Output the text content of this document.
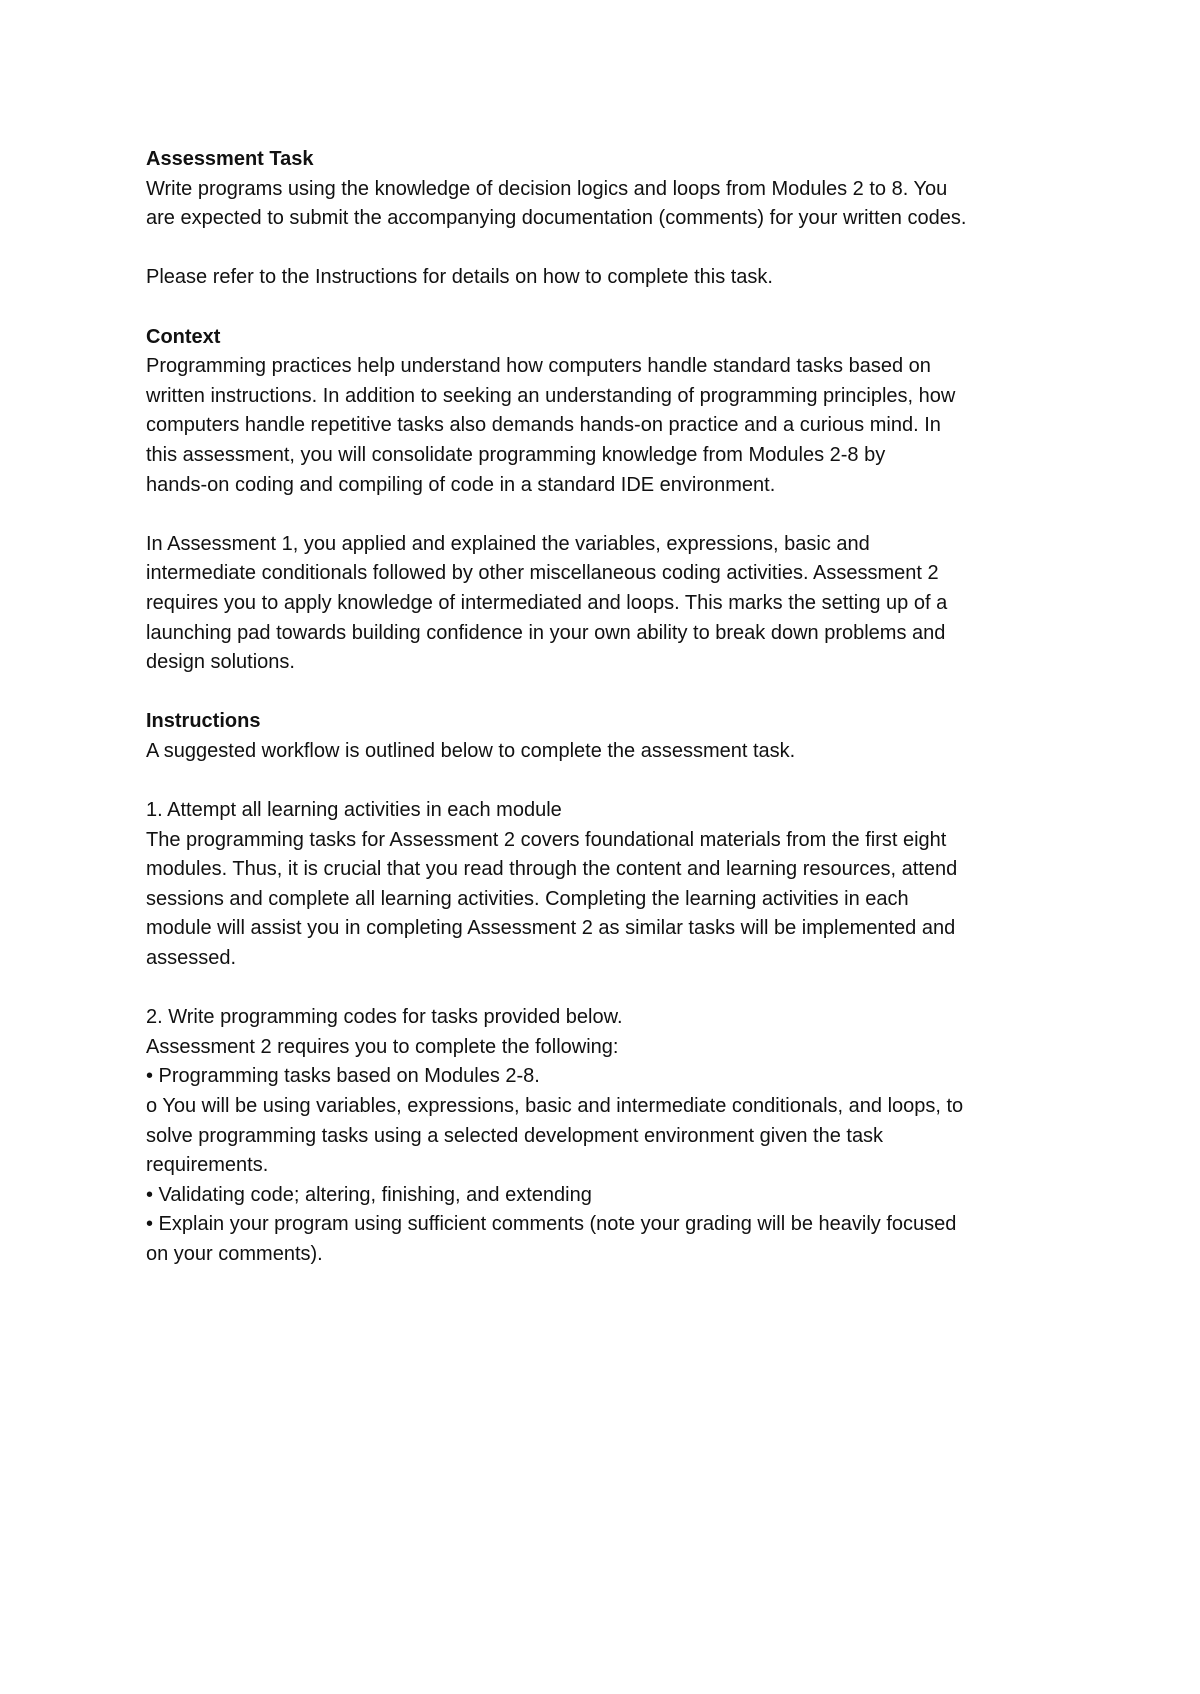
Assessment Task

Write programs using the knowledge of decision logics and loops from Modules 2 to 8. You

are expected to submit the accompanying documentation (comments) for your written codes.

Please refer to the Instructions for details on how to complete this task.

Context

Programming practices help understand how computers handle standard tasks based on

written instructions. In addition to seeking an understanding of programming principles, how

computers handle repetitive tasks also demands hands-on practice and a curious mind. In

this assessment, you will consolidate programming knowledge from Modules 2-8 by

hands-on coding and compiling of code in a standard IDE environment.

In Assessment 1, you applied and explained the variables, expressions, basic and

intermediate conditionals followed by other miscellaneous coding activities. Assessment 2

requires you to apply knowledge of intermediated and loops. This marks the setting up of a

launching pad towards building confidence in your own ability to break down problems and

design solutions.

Instructions

A suggested workflow is outlined below to complete the assessment task.

1. Attempt all learning activities in each module

The programming tasks for Assessment 2 covers foundational materials from the first eight

modules. Thus, it is crucial that you read through the content and learning resources, attend

sessions and complete all learning activities. Completing the learning activities in each

module will assist you in completing Assessment 2 as similar tasks will be implemented and

assessed.

2. Write programming codes for tasks provided below.

Assessment 2 requires you to complete the following:

• Programming tasks based on Modules 2-8.

o You will be using variables, expressions, basic and intermediate conditionals, and loops, to

solve programming tasks using a selected development environment given the task

requirements.

• Validating code; altering, finishing, and extending

• Explain your program using sufficient comments (note your grading will be heavily focused

on your comments).
